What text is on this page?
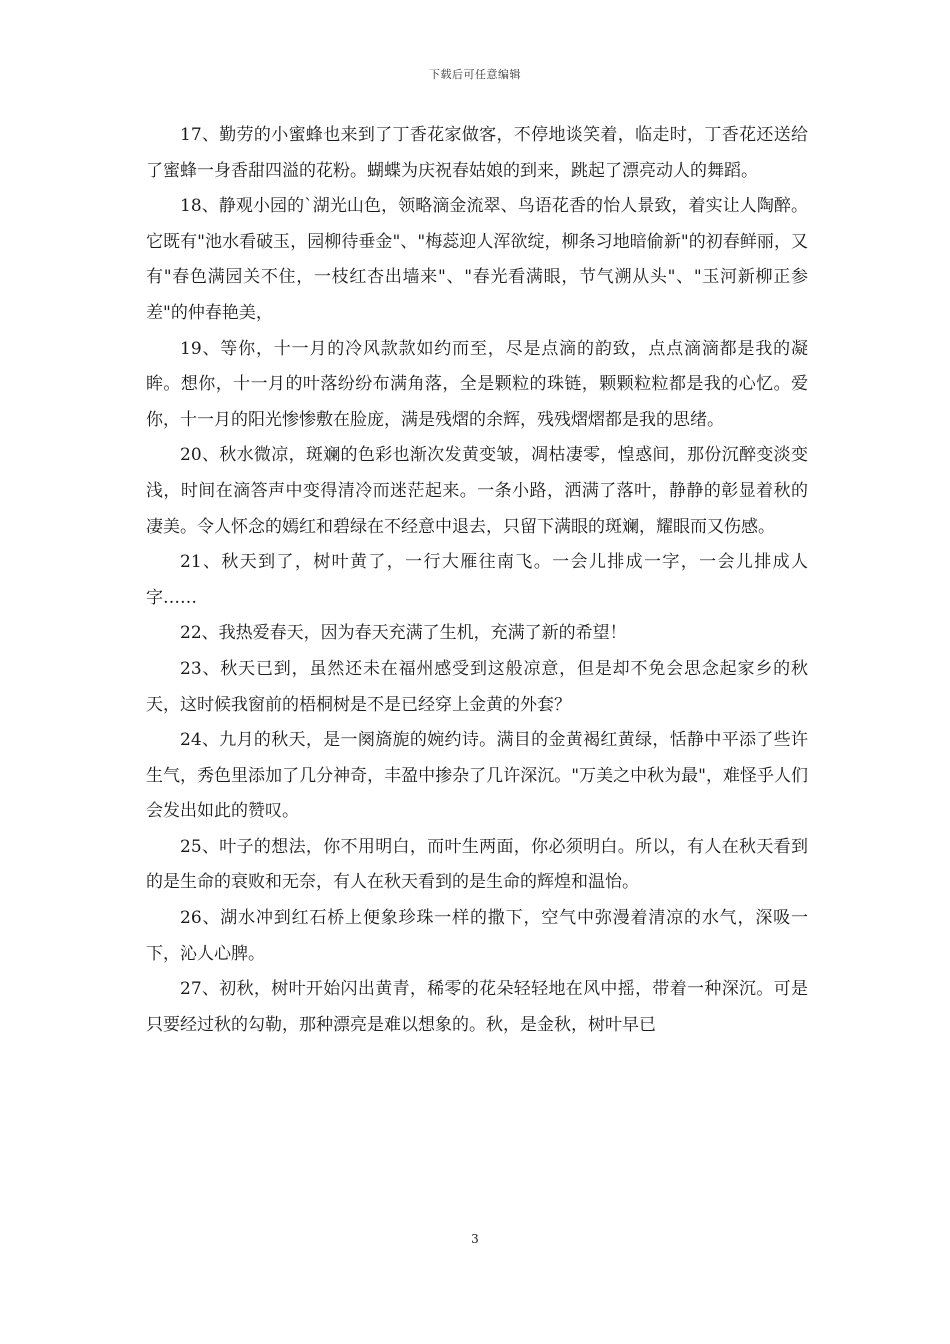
下载后可任意编辑

17、勤劳的小蜜蜂也来到了丁香花家做客，不停地谈笑着，临走时，丁香花还送给了蜜蜂一身香甜四溢的花粉。蝴蝶为庆祝春姑娘的到来，跳起了漂亮动人的舞蹈。

18、静观小园的`湖光山色，领略滴金流翠、鸟语花香的怡人景致，着实让人陶醉。它既有"池水看破玉，园柳待垂金"、"梅蕊迎人浑欲绽，柳条习地暗偷新"的初春鲜丽，又有"春色满园关不住，一枝红杏出墙来"、"春光看满眼，节气溯从头"、"玉河新柳正参差"的仲春艳美，

19、等你，十一月的冷风款款如约而至，尽是点滴的韵致，点点滴滴都是我的凝眸。想你，十一月的叶落纷纷布满角落，全是颗粒的珠链，颗颗粒粒都是我的心忆。爱你，十一月的阳光惨惨敷在脸庞，满是残熠的余辉，残残熠熠都是我的思绪。

20、秋水微凉，斑斓的色彩也渐次发黄变皱，凋枯凄零，惶惑间，那份沉醉变淡变浅，时间在滴答声中变得清冷而迷茫起来。一条小路，洒满了落叶，静静的彰显着秋的凄美。令人怀念的嫣红和碧绿在不经意中退去，只留下满眼的斑斓，耀眼而又伤感。

21、秋天到了，树叶黄了，一行大雁往南飞。一会儿排成一字，一会儿排成人字……

22、我热爱春天，因为春天充满了生机，充满了新的希望！

23、秋天已到，虽然还未在福州感受到这般凉意，但是却不免会思念起家乡的秋天，这时候我窗前的梧桐树是不是已经穿上金黄的外套？

24、九月的秋天，是一阕旖旎的婉约诗。满目的金黄褐红黄绿，恬静中平添了些许生气，秀色里添加了几分神奇，丰盈中掺杂了几许深沉。"万美之中秋为最"，难怪乎人们会发出如此的赞叹。

25、叶子的想法，你不用明白，而叶生两面，你必须明白。所以，有人在秋天看到的是生命的衰败和无奈，有人在秋天看到的是生命的辉煌和温怡。

26、湖水冲到红石桥上便象珍珠一样的撒下，空气中弥漫着清凉的水气，深吸一下，沁人心脾。

27、初秋，树叶开始闪出黄青，稀零的花朵轻轻地在风中摇，带着一种深沉。可是只要经过秋的勾勒，那种漂亮是难以想象的。秋，是金秋，树叶早已

3
